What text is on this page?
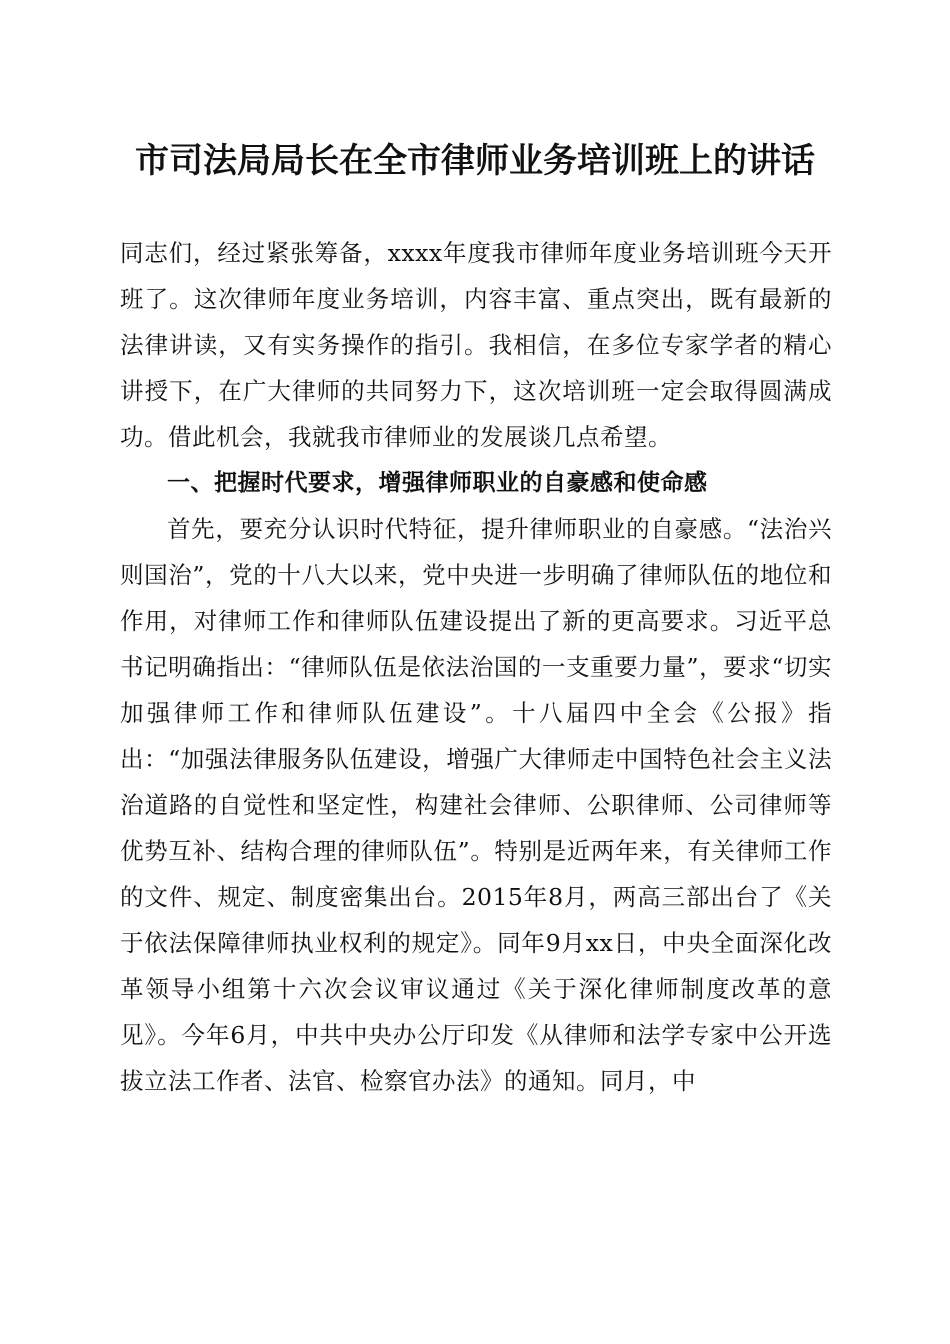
市司法局局长在全市律师业务培训班上的讲话

同志们，经过紧张筹备，xxxx年度我市律师年度业务培训班今天开班了。这次律师年度业务培训，内容丰富、重点突出，既有最新的法律讲读，又有实务操作的指引。我相信，在多位专家学者的精心讲授下，在广大律师的共同努力下，这次培训班一定会取得圆满成功。借此机会，我就我市律师业的发展谈几点希望。

一、把握时代要求，增强律师职业的自豪感和使命感

首先，要充分认识时代特征，提升律师职业的自豪感。“法治兴则国治”，党的十八大以来，党中央进一步明确了律师队伍的地位和作用，对律师工作和律师队伍建设提出了新的更高要求。习近平总书记明确指出：“律师队伍是依法治国的一支重要力量”，要求“切实加强律师工作和律师队伍建设”。十八届四中全会《公报》指出：“加强法律服务队伍建设，增强广大律师走中国特色社会主义法治道路的自觉性和坚定性，构建社会律师、公职律师、公司律师等优势互补、结构合理的律师队伍”。特别是近两年来，有关律师工作的文件、规定、制度密集出台。2015年8月，两高三部出台了《关于依法保障律师执业权利的规定》。同年9月xx日，中央全面深化改革领导小组第十六次会议审议通过《关于深化律师制度改革的意见》。今年6月，中共中央办公厅印发《从律师和法学专家中公开选拔立法工作者、法官、检察官办法》的通知。同月，中
